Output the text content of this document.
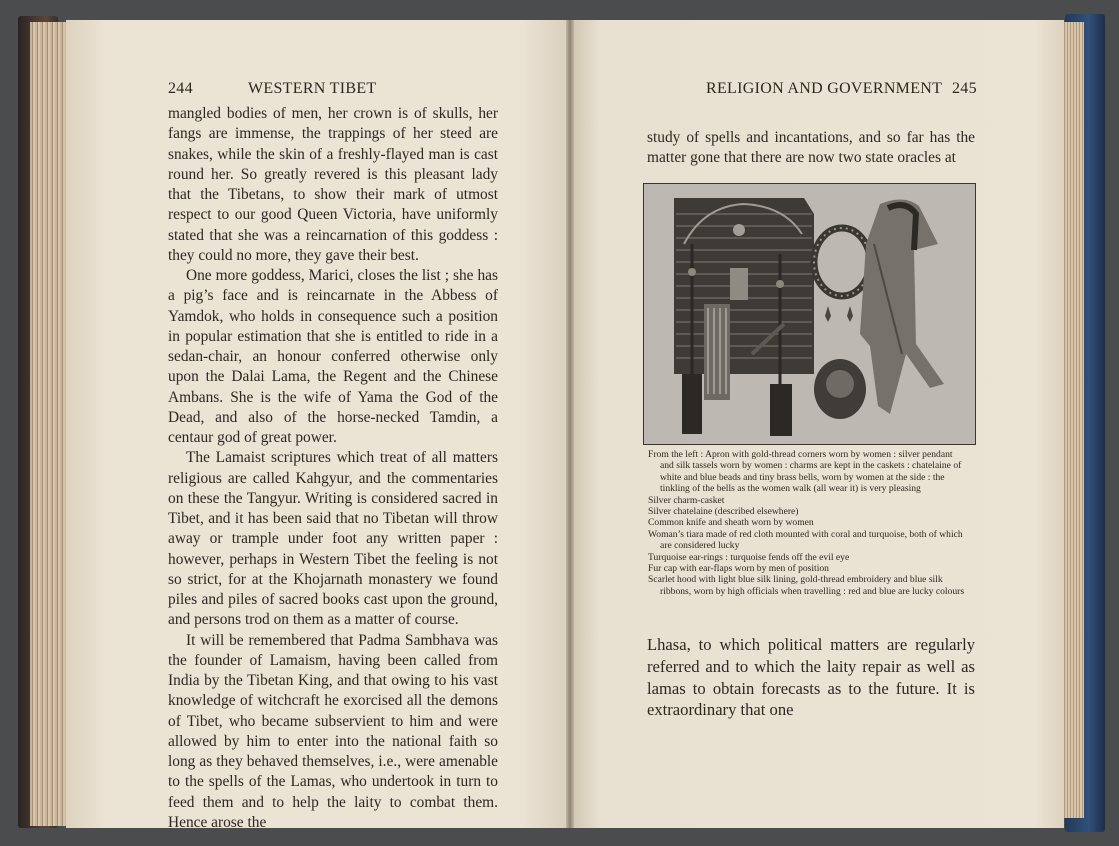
244	WESTERN TIBET

mangled bodies of men, her crown is of skulls, her fangs are immense, the trappings of her steed are snakes, while the skin of a freshly-flayed man is cast round her. So greatly revered is this pleasant lady that the Tibetans, to show their mark of utmost respect to our good Queen Victoria, have uniformly stated that she was a reincarnation of this goddess : they could no more, they gave their best.

One more goddess, Marici, closes the list ; she has a pig’s face and is reincarnate in the Abbess of Yamdok, who holds in consequence such a position in popular estimation that she is entitled to ride in a sedan-chair, an honour conferred otherwise only upon the Dalai Lama, the Regent and the Chinese Ambans. She is the wife of Yama the God of the Dead, and also of the horse-necked Tamdin, a centaur god of great power.

The Lamaist scriptures which treat of all matters religious are called Kahgyur, and the commentaries on these the Tangyur. Writing is considered sacred in Tibet, and it has been said that no Tibetan will throw away or trample under foot any written paper : however, perhaps in Western Tibet the feeling is not so strict, for at the Khojarnath monastery we found piles and piles of sacred books cast upon the ground, and persons trod on them as a matter of course.

It will be remembered that Padma Sambhava was the founder of Lamaism, having been called from India by the Tibetan King, and that owing to his vast knowledge of witchcraft he exorcised all the demons of Tibet, who became subservient to him and were allowed by him to enter into the national faith so long as they behaved themselves, i.e., were amenable to the spells of the Lamas, who undertook in turn to feed them and to help the laity to combat them. Hence arose the

RELIGION AND GOVERNMENT 245

study of spells and incantations, and so far has the matter gone that there are now two state oracles at

From the left : Apron with gold-thread corners worn by women : silver pendant and silk tassels worn by women : charms are kept in the caskets : chatelaine of white and blue beads and tiny brass bells, worn by women at the side : the tinkling of the bells as the women walk (all wear it) is very pleasing
Silver charm-casket
Silver chatelaine (described elsewhere)
Common knife and sheath worn by women
Woman’s tiara made of red cloth mounted with coral and turquoise, both of which are considered lucky
Turquoise ear-rings : turquoise fends off the evil eye
Fur cap with ear-flaps worn by men of position
Scarlet hood with light blue silk lining, gold-thread embroidery and blue silk ribbons, worn by high officials when travelling : red and blue are lucky colours

Lhasa, to which political matters are regularly referred and to which the laity repair as well as lamas to obtain forecasts as to the future. It is extraordinary that one
